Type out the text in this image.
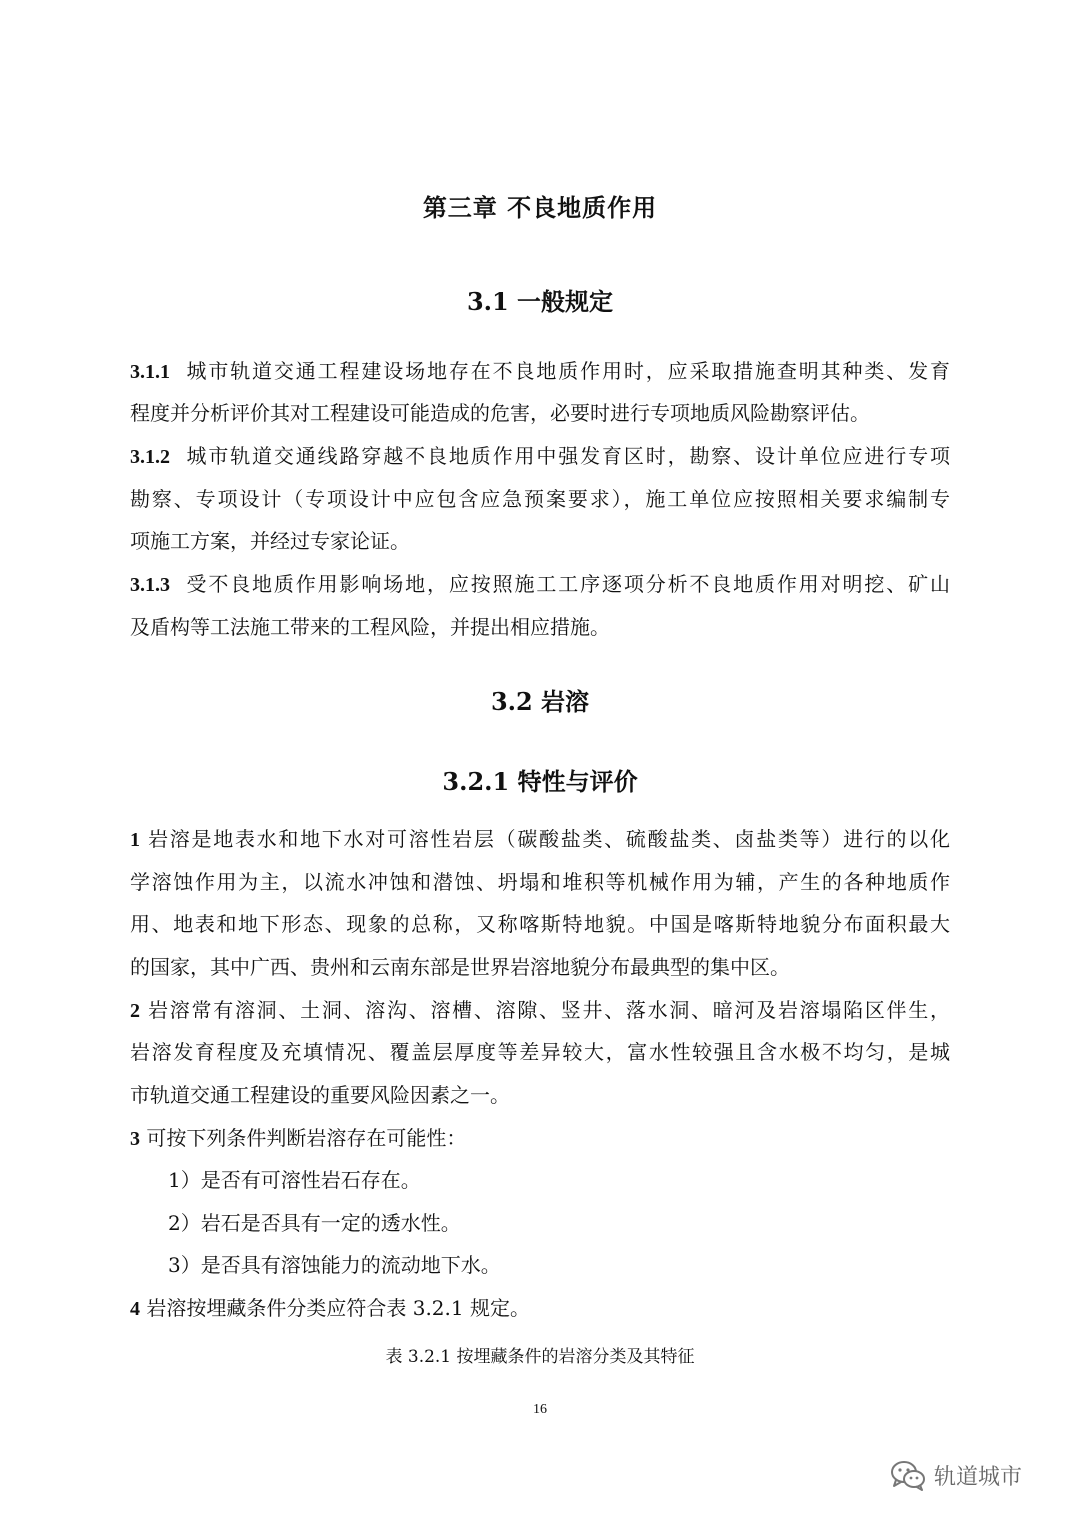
第三章 不良地质作用
3.1 一般规定
3.1.1 城市轨道交通工程建设场地存在不良地质作用时，应采取措施查明其种类、发育
程度并分析评价其对工程建设可能造成的危害，必要时进行专项地质风险勘察评估。
3.1.2 城市轨道交通线路穿越不良地质作用中强发育区时，勘察、设计单位应进行专项
勘察、专项设计（专项设计中应包含应急预案要求），施工单位应按照相关要求编制专
项施工方案，并经过专家论证。
3.1.3 受不良地质作用影响场地，应按照施工工序逐项分析不良地质作用对明挖、矿山
及盾构等工法施工带来的工程风险，并提出相应措施。
3.2 岩溶
3.2.1 特性与评价
1 岩溶是地表水和地下水对可溶性岩层（碳酸盐类、硫酸盐类、卤盐类等）进行的以化
学溶蚀作用为主，以流水冲蚀和潜蚀、坍塌和堆积等机械作用为辅，产生的各种地质作
用、地表和地下形态、现象的总称，又称喀斯特地貌。中国是喀斯特地貌分布面积最大
的国家，其中广西、贵州和云南东部是世界岩溶地貌分布最典型的集中区。
2 岩溶常有溶洞、土洞、溶沟、溶槽、溶隙、竖井、落水洞、暗河及岩溶塌陷区伴生，
岩溶发育程度及充填情况、覆盖层厚度等差异较大，富水性较强且含水极不均匀，是城
市轨道交通工程建设的重要风险因素之一。
3 可按下列条件判断岩溶存在可能性：
1）是否有可溶性岩石存在。
2）岩石是否具有一定的透水性。
3）是否具有溶蚀能力的流动地下水。
4 岩溶按埋藏条件分类应符合表 3.2.1 规定。
表 3.2.1 按埋藏条件的岩溶分类及其特征
16
轨道城市
